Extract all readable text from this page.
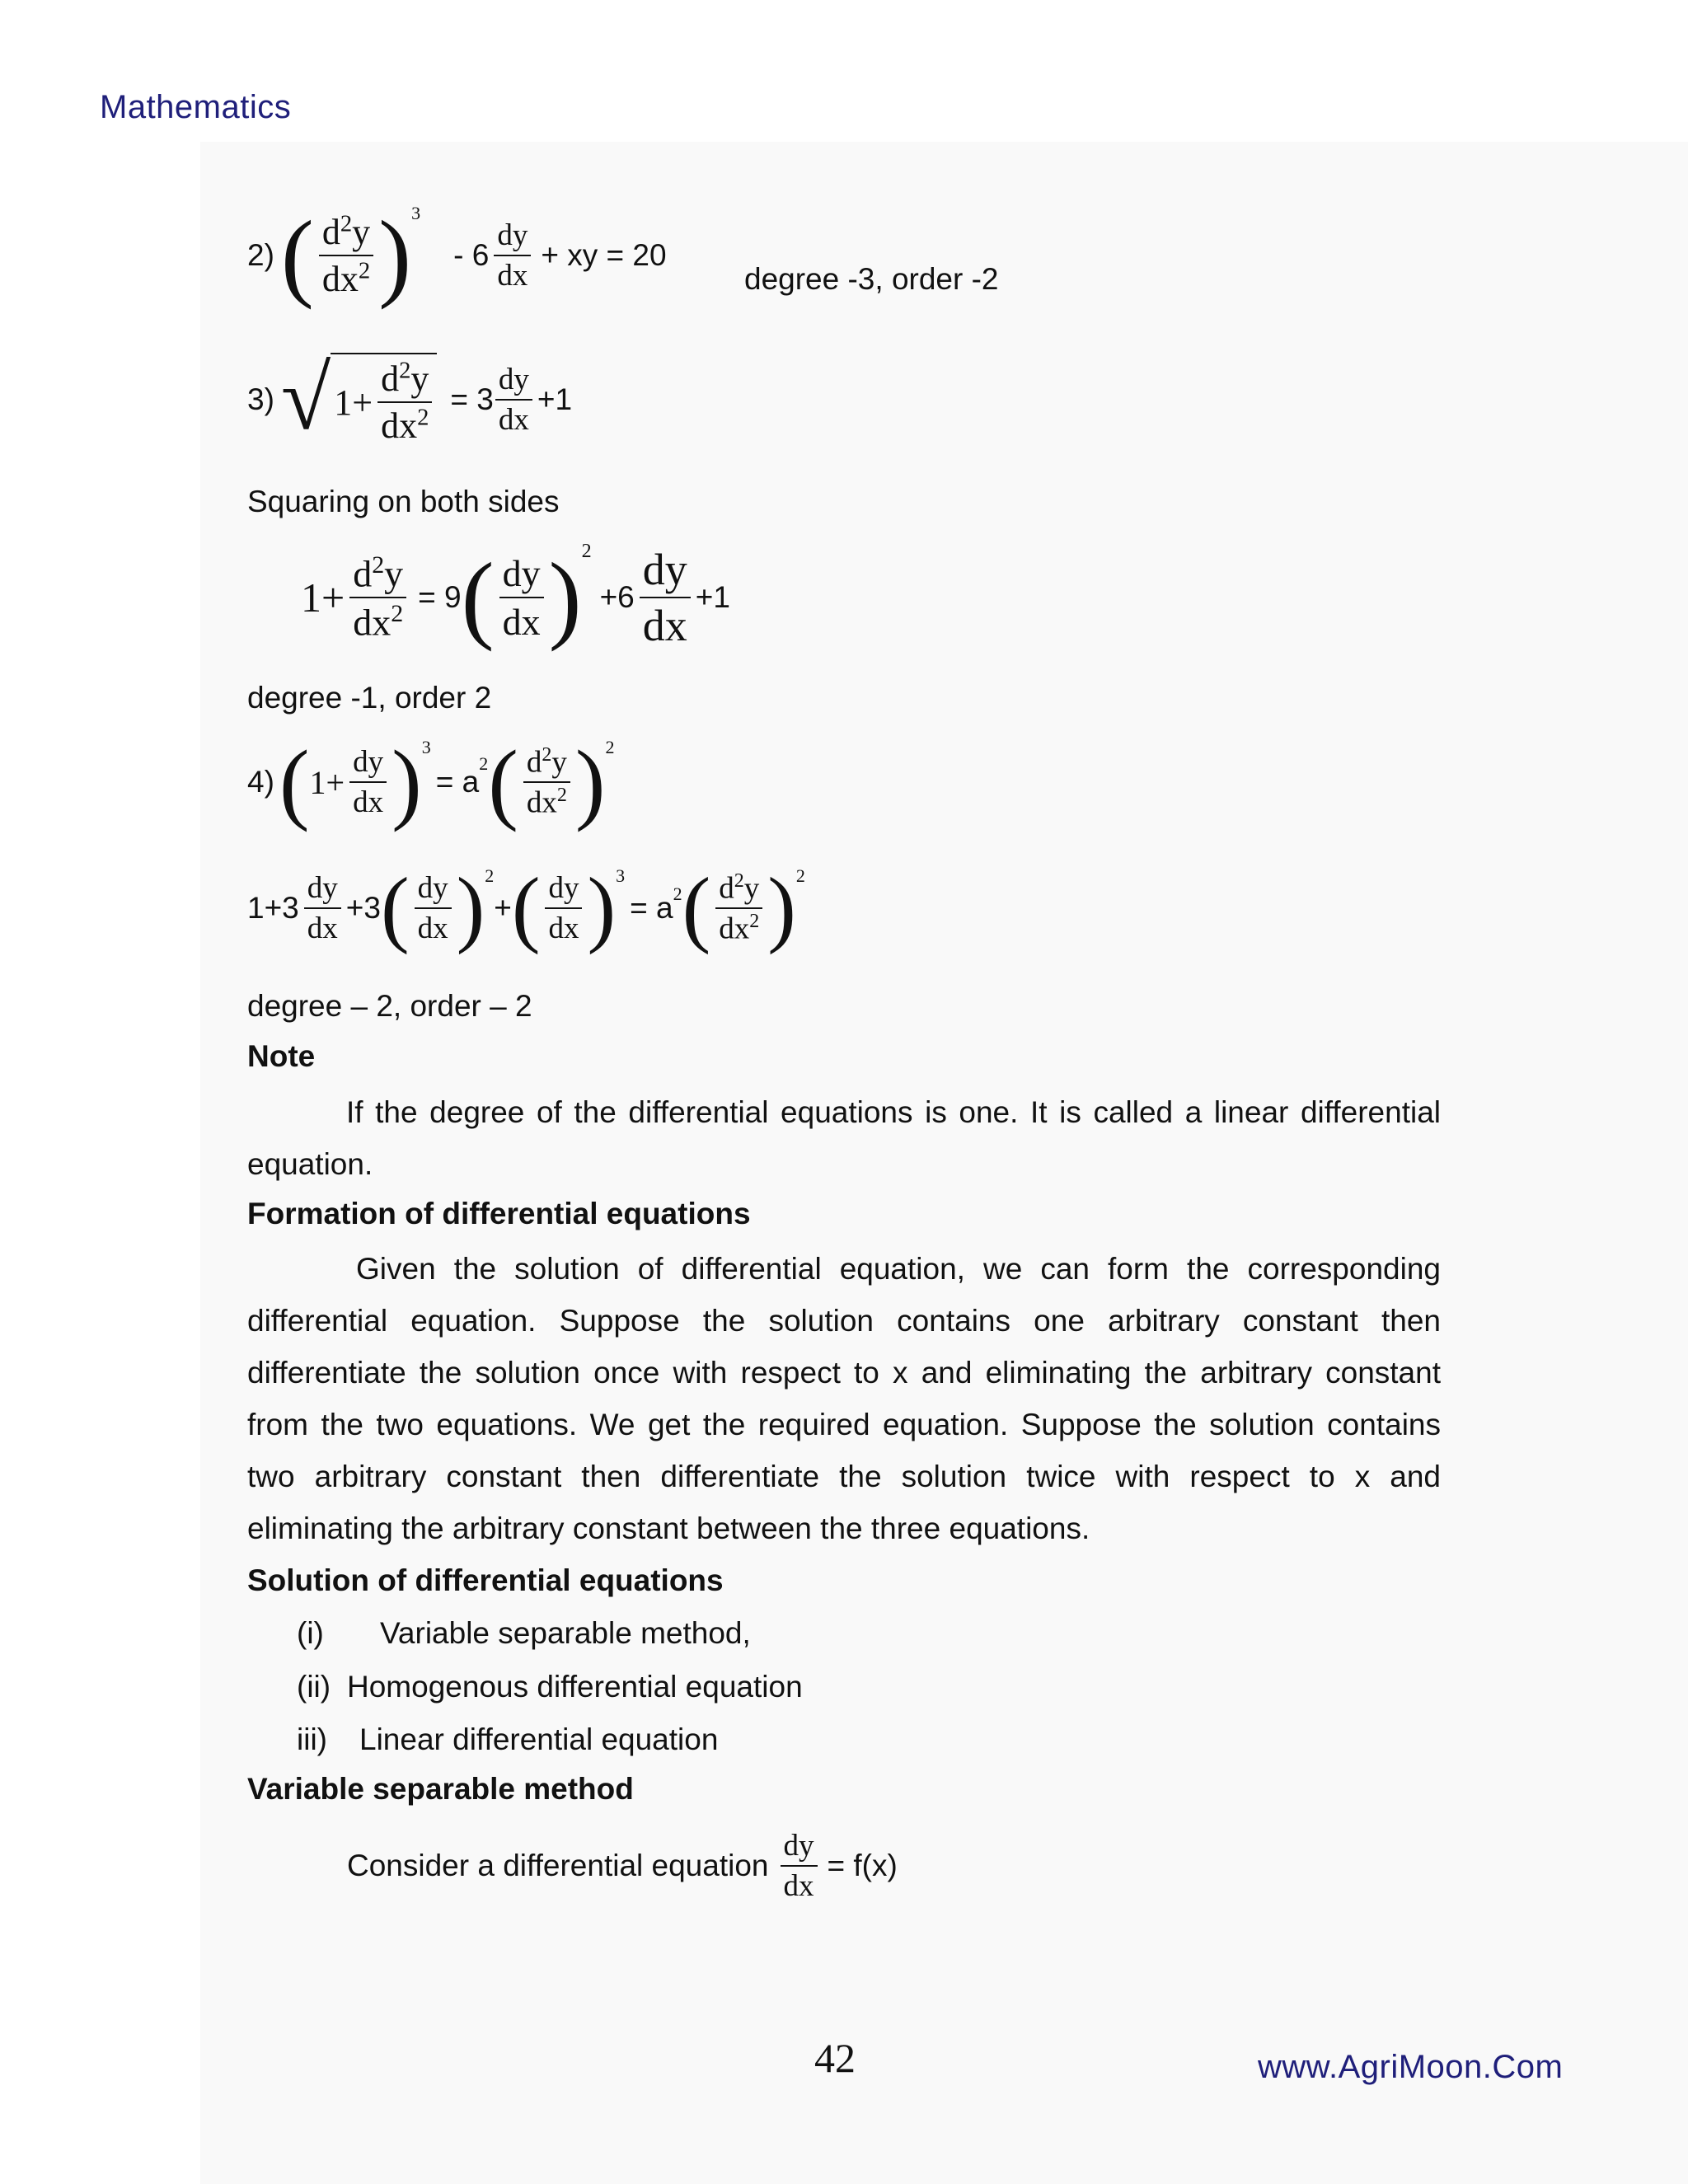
Mathematics
2) ( $\frac{d^2y}{dx^2}$ ) 3
- $6 \frac{dy}{dx}$ + xy = 20
degree -3, order -2
3) √ $1+ \frac{d^2y}{dx^2} = 3 \frac{dy}{dx} +1$
Squaring on both sides
$1+ \frac{d^2y}{dx^2} = 9$ ( $\frac{dy}{dx}$ ) 2
$+6 \frac{dy}{dx} +1$
degree -1, order 2
4) ( $1+ \frac{dy}{dx}$ ) 3
= a
2 ( $\frac{d^2y}{dx^2}$ ) 2
$1+3 \frac{dy}{dx} +3$ ( $\frac{dy}{dx}$ ) 2
+ ( $\frac{dy}{dx}$ ) 3
= a 2 ( $\frac{d^2y}{dx^2}$ ) 2
degree – 2, order – 2
Note
If the degree of the differential equations is one. It is called a linear differential equation.
Formation of differential equations
Given the solution of differential equation, we can form the corresponding differential equation. Suppose the solution contains one arbitrary constant then differentiate the solution once with respect to x and eliminating the arbitrary constant from the two equations. We get the required equation. Suppose the solution contains two arbitrary constant then differentiate the solution twice with respect to x and eliminating the arbitrary constant between the three equations.
Solution of differential equations
(i) Variable separable method,
(ii) Homogenous differential equation
iii) Linear differential equation
Variable separable method
Consider a differential equation $\frac{dy}{dx} = f(x)$
42	www.AgriMoon.Com
